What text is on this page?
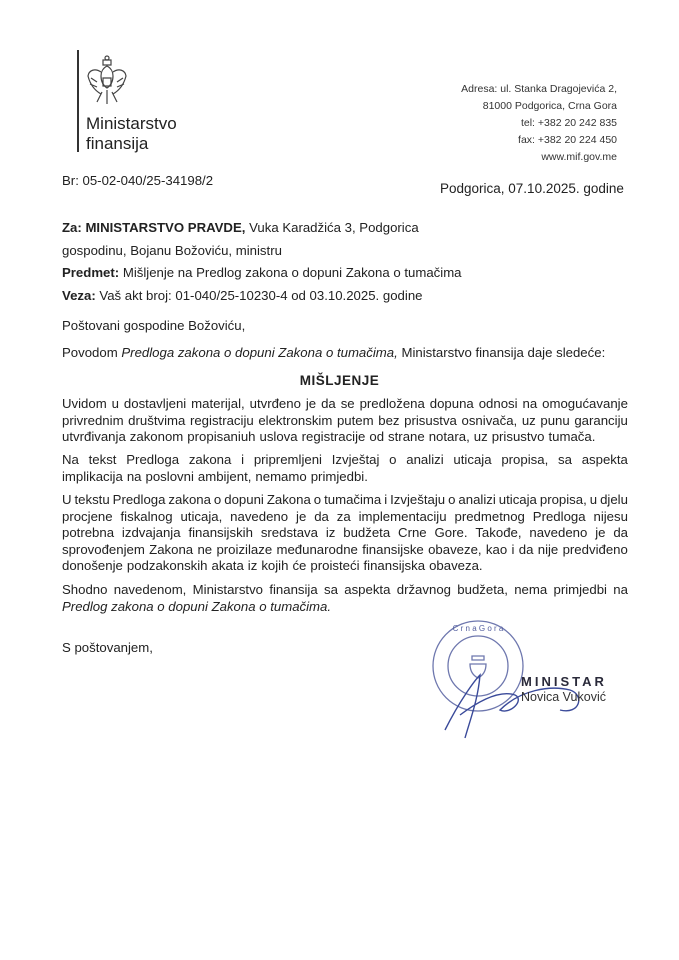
Ministarstvo
finansija
Adresa: ul. Stanka Dragojevića 2,
81000 Podgorica, Crna Gora
tel: +382 20 242 835
fax: +382 20 224 450
www.mif.gov.me
Br: 05-02-040/25-34198/2
Podgorica, 07.10.2025. godine
Za: MINISTARSTVO PRAVDE, Vuka Karadžića 3, Podgorica
gospodinu, Bojanu Božoviću, ministru
Predmet: Mišljenje na Predlog zakona o dopuni Zakona o tumačima
Veza: Vaš akt broj: 01-040/25-10230-4 od 03.10.2025. godine
Poštovani gospodine Božoviću,
Povodom Predloga zakona o dopuni Zakona o tumačima, Ministarstvo finansija daje sledeće:
MIŠLJENJE
Uvidom u dostavljeni materijal, utvrđeno je da se predložena dopuna odnosi na omogućavanje
privrednim društvima registraciju elektronskim putem bez prisustva osnivača, uz punu garanciju
utvrđivanja zakonom propisaniuh uslova registracije od strane notara, uz prisustvo tumača.
Na tekst Predloga zakona i pripremljeni Izvještaj o analizi uticaja propisa, sa aspekta
implikacija na poslovni ambijent, nemamo primjedbi.
U tekstu Predloga zakona o dopuni Zakona o tumačima i Izvještaju o analizi uticaja propisa, u djelu
procjene fiskalnog uticaja, navedeno je da za implementaciju predmetnog Predloga nijesu
potrebna izdvajanja finansijskih sredstava iz budžeta Crne Gore. Takođe, navedeno je da
sprovođenjem Zakona ne proizilaze međunarodne finansijske obaveze, kao i da nije predviđeno
donošenje podzakonskih akata iz kojih će proisteći finansijska obaveza.
Shodno navedenom, Ministarstvo finansija sa aspekta državnog budžeta, nema primjedbi na
Predlog zakona o dopuni Zakona o tumačima.
S poštovanjem,
C r n a G o r a
MINISTAR
Novica Vuković
